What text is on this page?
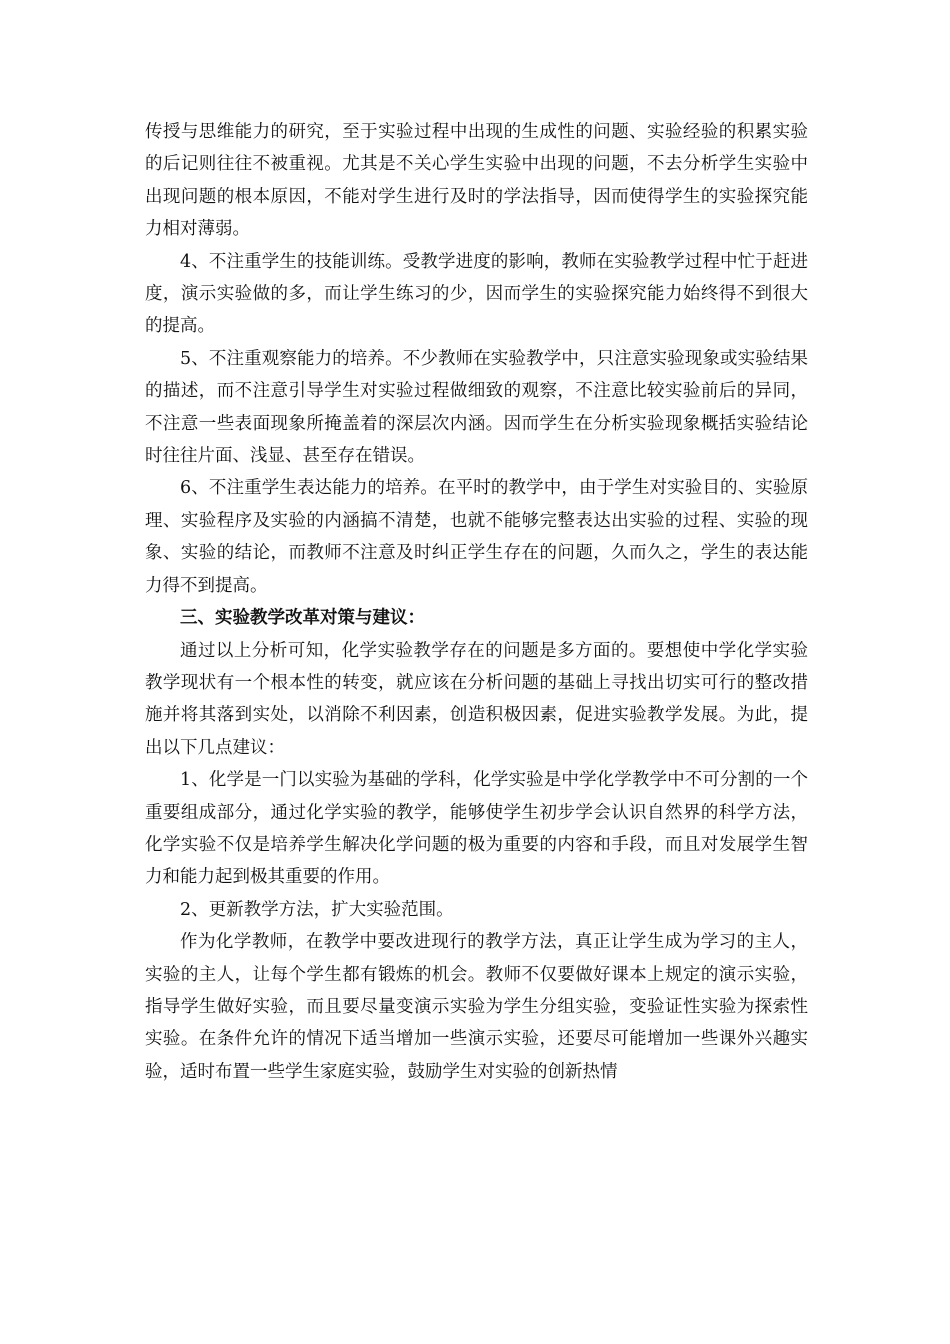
传授与思维能力的研究，至于实验过程中出现的生成性的问题、实验经验的积累实验的后记则往往不被重视。尤其是不关心学生实验中出现的问题，不去分析学生实验中出现问题的根本原因，不能对学生进行及时的学法指导，因而使得学生的实验探究能力相对薄弱。

4、不注重学生的技能训练。受教学进度的影响，教师在实验教学过程中忙于赶进度，演示实验做的多，而让学生练习的少，因而学生的实验探究能力始终得不到很大的提高。

5、不注重观察能力的培养。不少教师在实验教学中，只注意实验现象或实验结果的描述，而不注意引导学生对实验过程做细致的观察，不注意比较实验前后的异同，不注意一些表面现象所掩盖着的深层次内涵。因而学生在分析实验现象概括实验结论时往往片面、浅显、甚至存在错误。

6、不注重学生表达能力的培养。在平时的教学中，由于学生对实验目的、实验原理、实验程序及实验的内涵搞不清楚，也就不能够完整表达出实验的过程、实验的现象、实验的结论，而教师不注意及时纠正学生存在的问题，久而久之，学生的表达能力得不到提高。

三、实验教学改革对策与建议：

通过以上分析可知，化学实验教学存在的问题是多方面的。要想使中学化学实验教学现状有一个根本性的转变，就应该在分析问题的基础上寻找出切实可行的整改措施并将其落到实处，以消除不利因素，创造积极因素，促进实验教学发展。为此，提出以下几点建议：

1、化学是一门以实验为基础的学科，化学实验是中学化学教学中不可分割的一个重要组成部分，通过化学实验的教学，能够使学生初步学会认识自然界的科学方法，化学实验不仅是培养学生解决化学问题的极为重要的内容和手段，而且对发展学生智力和能力起到极其重要的作用。

2、更新教学方法，扩大实验范围。

作为化学教师，在教学中要改进现行的教学方法，真正让学生成为学习的主人，实验的主人，让每个学生都有锻炼的机会。教师不仅要做好课本上规定的演示实验，指导学生做好实验，而且要尽量变演示实验为学生分组实验，变验证性实验为探索性实验。在条件允许的情况下适当增加一些演示实验，还要尽可能增加一些课外兴趣实验，适时布置一些学生家庭实验，鼓励学生对实验的创新热情
